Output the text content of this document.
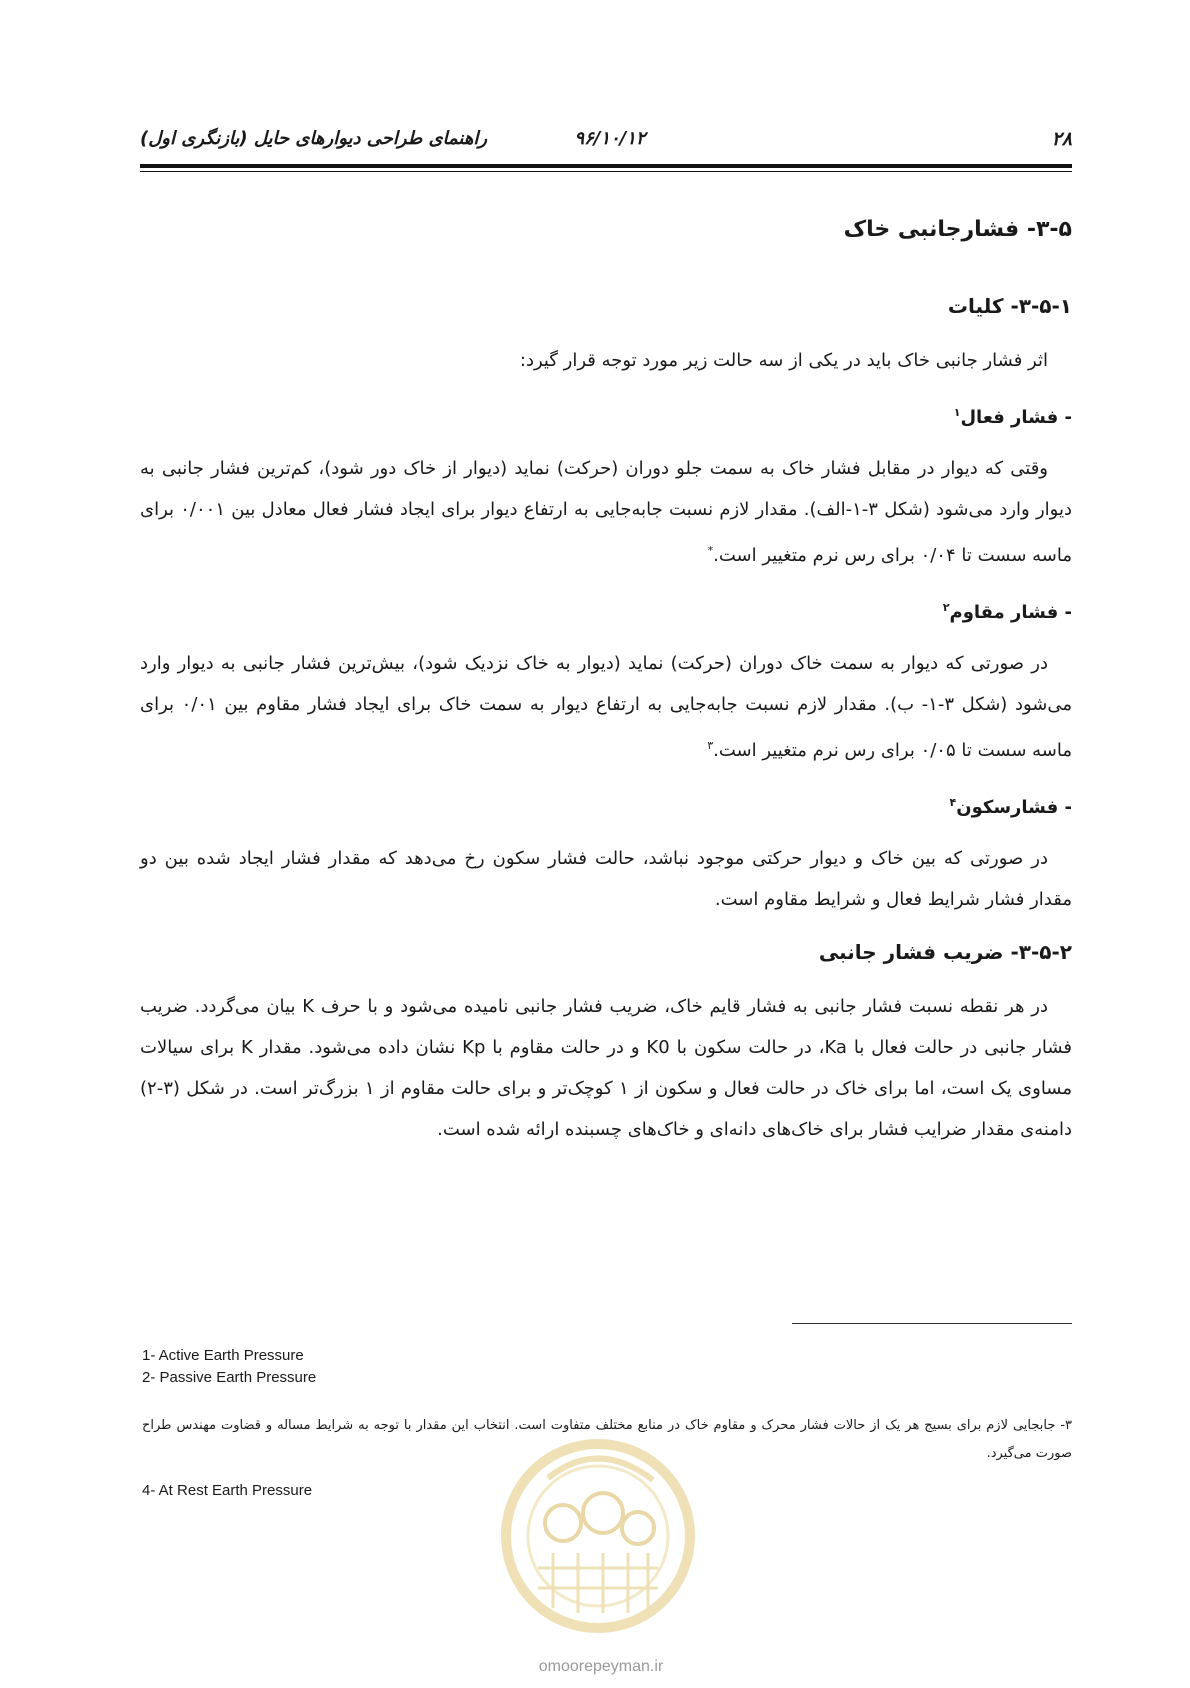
۲۸
۹۶/۱۰/۱۲
راهنمای طراحی دیوارهای حایل (بازنگری اول)
۳-۵- فشارجانبی خاک
۳-۵-۱- کلیات

اثر فشار جانبی خاک باید در یکی از سه حالت زیر مورد توجه قرار گیرد:

- فشار فعال$^۱$

وقتی که دیوار در مقابل فشار خاک به سمت جلو دوران (حرکت) نماید (دیوار از خاک دور شود)، کم‌ترین فشار جانبی به دیوار وارد می‌شود (شکل ۳-۱-الف). مقدار لازم نسبت جابه‌جایی به ارتفاع دیوار برای ایجاد فشار فعال معادل بین ۰/۰۰۱ برای ماسه سست تا ۰/۰۴ برای رس نرم متغییر است.*

- فشار مقاوم$^۲$

در صورتی که دیوار به سمت خاک دوران (حرکت) نماید (دیوار به خاک نزدیک شود)، بیش‌ترین فشار جانبی به دیوار وارد می‌شود (شکل ۳-۱- ب). مقدار لازم نسبت جابه‌جایی به ارتفاع دیوار به سمت خاک برای ایجاد فشار مقاوم بین ۰/۰۱ برای ماسه سست تا ۰/۰۵ برای رس نرم متغییر است.$^۳$

- فشارسکون$^۴$

در صورتی که بین خاک و دیوار حرکتی موجود نباشد، حالت فشار سکون رخ می‌دهد که مقدار فشار ایجاد شده بین دو مقدار فشار شرایط فعال و شرایط مقاوم است.

۳-۵-۲- ضریب فشار جانبی

در هر نقطه نسبت فشار جانبی به فشار قایم خاک، ضریب فشار جانبی نامیده می‌شود و با حرف K بیان می‌گردد. ضریب فشار جانبی در حالت فعال با Ka، در حالت سکون با K0 و در حالت مقاوم با Kp نشان داده می‌شود. مقدار K برای سیالات مساوی یک است، اما برای خاک در حالت فعال و سکون از ۱ کوچک‌تر و برای حالت مقاوم از ۱ بزرگ‌تر است. در شکل (۳-۲) دامنه‌ی مقدار ضرایب فشار برای خاک‌های دانه‌ای و خاک‌های چسبنده ارائه شده است.

1- Active Earth Pressure
2- Passive Earth Pressure
۳- جابجایی لازم برای بسیج هر یک از حالات فشار محرک و مقاوم خاک در منابع مختلف متفاوت است. انتخاب این مقدار با توجه به شرایط مساله و قضاوت مهندس طراح صورت می‌گیرد.
4- At Rest Earth Pressure
omoorepeyman.ir
